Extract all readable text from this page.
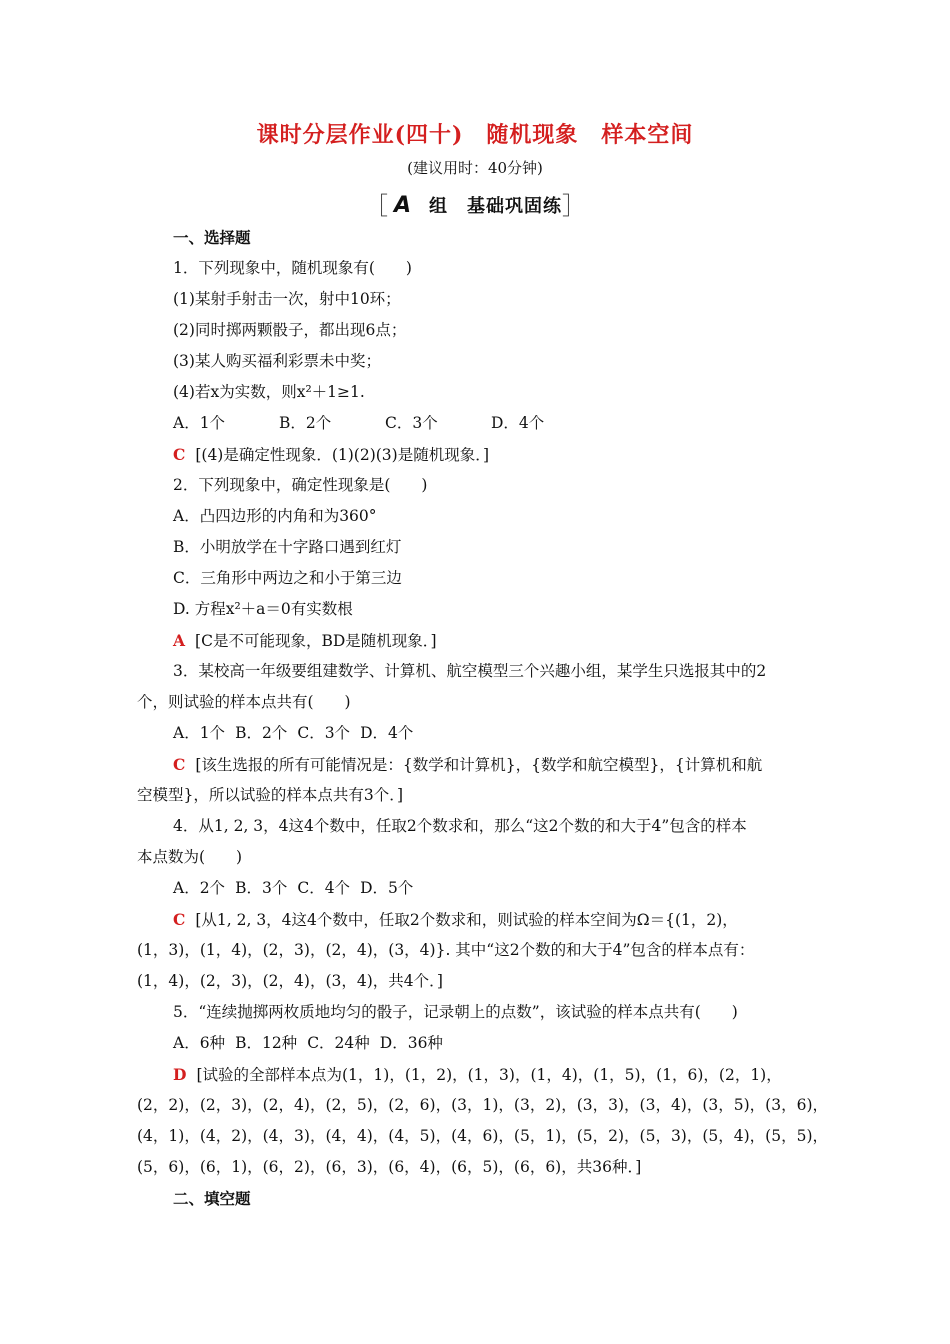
课时分层作业(四十)　随机现象　样本空间
(建议用时：40分钟)
［ A 组　基础巩固练］
一、选择题
1．下列现象中，随机现象有(　　)
(1)某射手射击一次，射中10环；
(2)同时掷两颗骰子，都出现6点；
(3)某人购买福利彩票未中奖；
(4)若x为实数，则x²＋1≥1.
A．1个	B．2个	C．3个	D．4个
C [(4)是确定性现象．(1)(2)(3)是随机现象．]
2．下列现象中，确定性现象是(　　)
A．凸四边形的内角和为360°
B．小明放学在十字路口遇到红灯
C．三角形中两边之和小于第三边
D. 方程x²＋a＝0有实数根
A [C是不可能现象，BD是随机现象．]
3．某校高一年级要组建数学、计算机、航空模型三个兴趣小组，某学生只选报其中的2
个，则试验的样本点共有(　　)
A．1个 B．2个 C．3个 D．4个
C [该生选报的所有可能情况是：{数学和计算机}，{数学和航空模型}，{计算机和航
空模型}，所以试验的样本点共有3个．]
4．从1, 2, 3，4这4个数中，任取2个数求和，那么“这2个数的和大于4”包含的样本
本点数为(　　)
A．2个 B．3个 C．4个 D．5个
C [从1, 2, 3，4这4个数中，任取2个数求和，则试验的样本空间为Ω＝{(1，2)，
(1，3)，(1，4)，(2，3)，(2，4)，(3，4)}. 其中“这2个数的和大于4”包含的样本点有：
(1，4)，(2，3)，(2，4)，(3，4)，共4个．]
5．“连续抛掷两枚质地均匀的骰子，记录朝上的点数”，该试验的样本点共有(　　)
A．6种 B．12种 C．24种 D．36种
D [试验的全部样本点为(1，1)，(1，2)，(1，3)，(1，4)，(1，5)，(1，6)，(2，1)，
(2，2)，(2，3)，(2，4)，(2，5)，(2，6)，(3，1)，(3，2)，(3，3)，(3，4)，(3，5)，(3，6)，
(4，1)，(4，2)，(4，3)，(4，4)，(4，5)，(4，6)，(5，1)，(5，2)，(5，3)，(5，4)，(5，5)，
(5，6)，(6，1)，(6，2)，(6，3)，(6，4)，(6，5)，(6，6)，共36种．]
二、填空题
